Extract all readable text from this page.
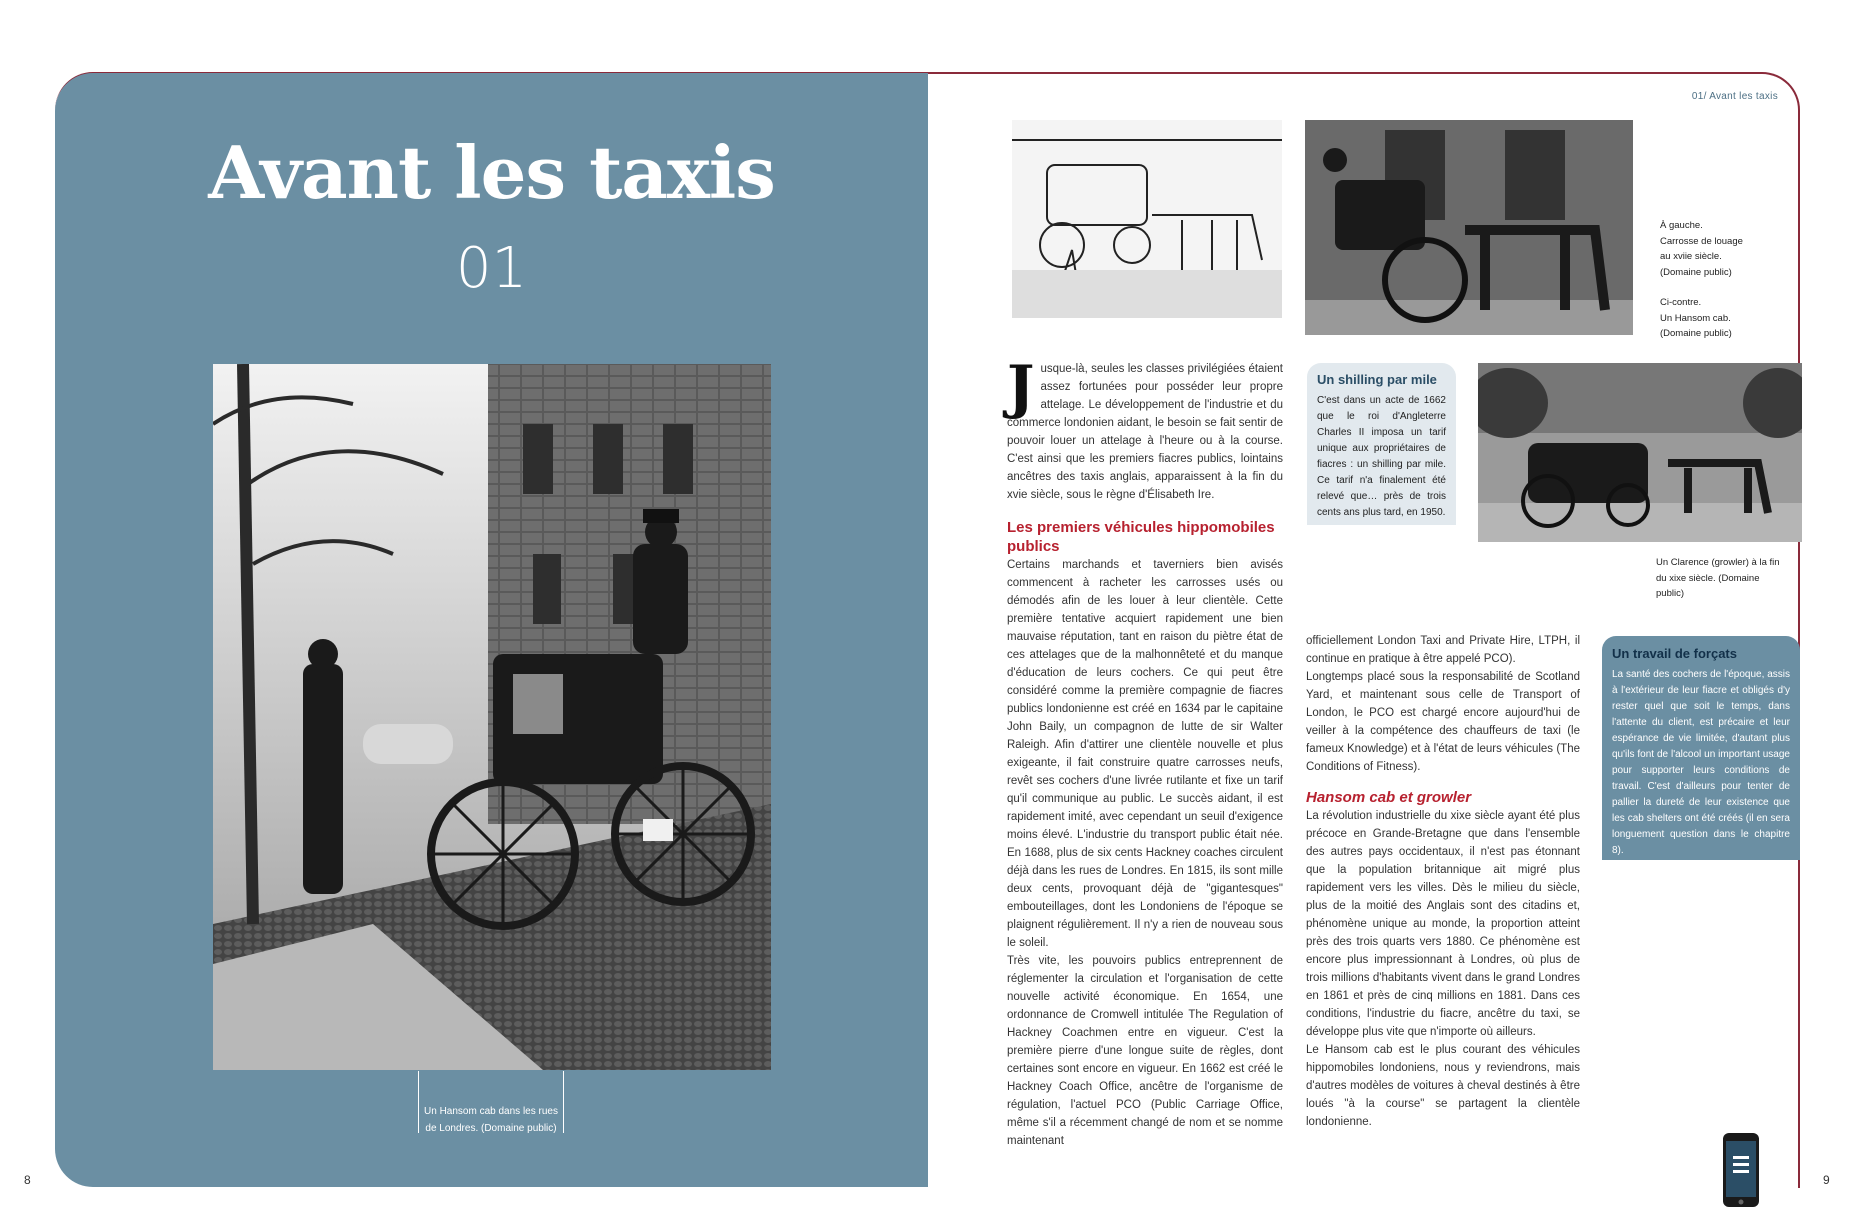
Avant les taxis
01
Un Hansom cab dans les rues de Londres. (Domaine public)
8
01/ Avant les taxis
À gauche.
Carrosse de louage
au xviie siècle.
(Domaine public)
Ci-contre.
Un Hansom cab.
(Domaine public)

Jusque-là, seules les classes privilégiées étaient assez fortunées pour posséder leur propre attelage. Le développement de l'industrie et du commerce londonien aidant, le besoin se fait sentir de pouvoir louer un attelage à l'heure ou à la course. C'est ainsi que les premiers fiacres publics, lointains ancêtres des taxis anglais, apparaissent à la fin du xvie siècle, sous le règne d'Élisabeth Ire.

Les premiers véhicules hippomobiles publics

Certains marchands et taverniers bien avisés commencent à racheter les carrosses usés ou démodés afin de les louer à leur clientèle. Cette première tentative acquiert rapidement une bien mauvaise réputation, tant en raison du piètre état de ces attelages que de la malhonnêteté et du manque d'éducation de leurs cochers. Ce qui peut être considéré comme la première compagnie de fiacres publics londonienne est créé en 1634 par le capitaine John Baily, un compagnon de lutte de sir Walter Raleigh. Afin d'attirer une clientèle nouvelle et plus exigeante, il fait construire quatre carrosses neufs, revêt ses cochers d'une livrée rutilante et fixe un tarif qu'il communique au public. Le succès aidant, il est rapidement imité, avec cependant un seuil d'exigence moins élevé. L'industrie du transport public était née. En 1688, plus de six cents Hackney coaches circulent déjà dans les rues de Londres. En 1815, ils sont mille deux cents, provoquant déjà de "gigantesques" embouteillages, dont les Londoniens de l'époque se plaignent régulièrement. Il n'y a rien de nouveau sous le soleil.

Très vite, les pouvoirs publics entreprennent de réglementer la circulation et l'organisation de cette nouvelle activité économique. En 1654, une ordonnance de Cromwell intitulée The Regulation of Hackney Coachmen entre en vigueur. C'est la première pierre d'une longue suite de règles, dont certaines sont encore en vigueur. En 1662 est créé le Hackney Coach Office, ancêtre de l'organisme de régulation, l'actuel PCO (Public Carriage Office, même s'il a récemment changé de nom et se nomme maintenant

Un shilling par mile
C'est dans un acte de 1662 que le roi d'Angleterre Charles II imposa un tarif unique aux propriétaires de fiacres : un shilling par mile. Ce tarif n'a finalement été relevé que… près de trois cents ans plus tard, en 1950.
Un Clarence (growler) à la fin du xixe siècle. (Domaine public)

officiellement London Taxi and Private Hire, LTPH, il continue en pratique à être appelé PCO).

Longtemps placé sous la responsabilité de Scotland Yard, et maintenant sous celle de Transport of London, le PCO est chargé encore aujourd'hui de veiller à la compétence des chauffeurs de taxi (le fameux Knowledge) et à l'état de leurs véhicules (The Conditions of Fitness).

Hansom cab et growler

La révolution industrielle du xixe siècle ayant été plus précoce en Grande-Bretagne que dans l'ensemble des autres pays occidentaux, il n'est pas étonnant que la population britannique ait migré plus rapidement vers les villes. Dès le milieu du siècle, plus de la moitié des Anglais sont des citadins et, phénomène unique au monde, la proportion atteint près des trois quarts vers 1880. Ce phénomène est encore plus impressionnant à Londres, où plus de trois millions d'habitants vivent dans le grand Londres en 1861 et près de cinq millions en 1881. Dans ces conditions, l'industrie du fiacre, ancêtre du taxi, se développe plus vite que n'importe où ailleurs.

Le Hansom cab est le plus courant des véhicules hippomobiles londoniens, nous y reviendrons, mais d'autres modèles de voitures à cheval destinés à être loués "à la course" se partagent la clientèle londonienne.

Un travail de forçats
La santé des cochers de l'époque, assis à l'extérieur de leur fiacre et obligés d'y rester quel que soit le temps, dans l'attente du client, est précaire et leur espérance de vie limitée, d'autant plus qu'ils font de l'alcool un important usage pour supporter leurs conditions de travail. C'est d'ailleurs pour tenter de pallier la dureté de leur existence que les cab shelters ont été créés (il en sera longuement question dans le chapitre 8).
9
